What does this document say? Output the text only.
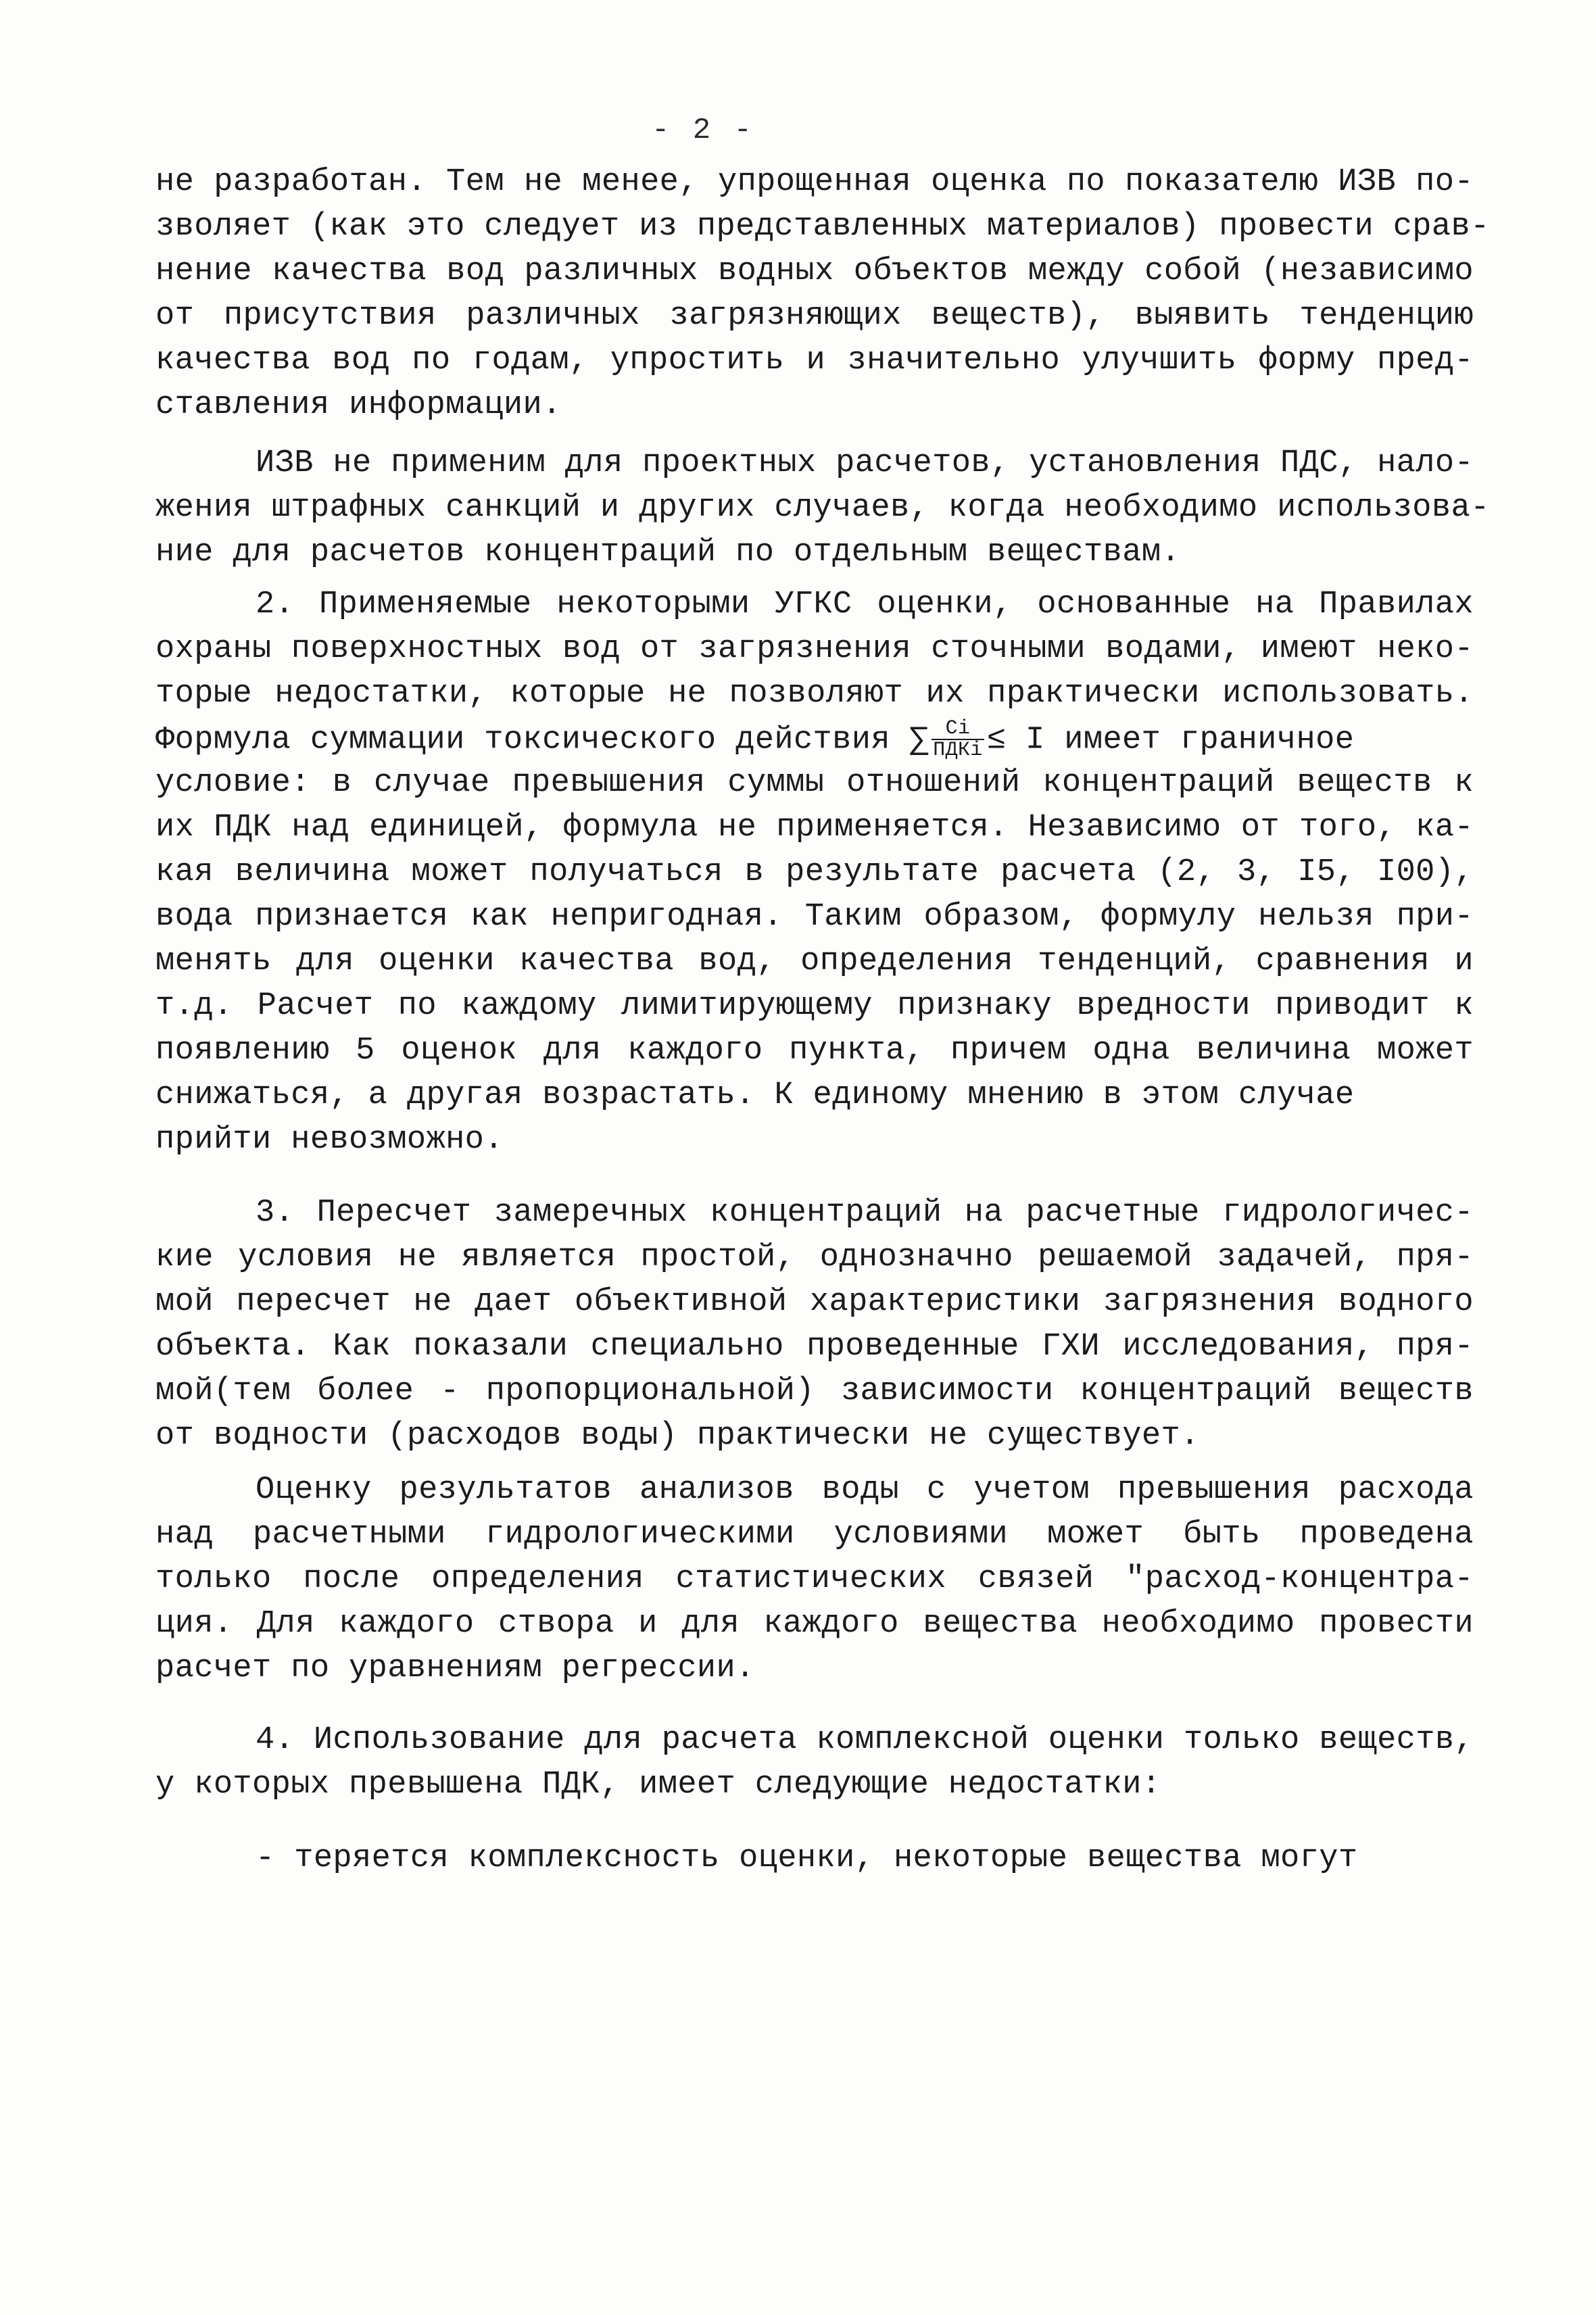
- 2 -
не разработан. Тем не менее, упрощенная оценка по показателю ИЗВ по-
зволяет (как это следует из представленных материалов) провести срав-
нение качества вод различных водных объектов между собой (независимо
от присутствия различных загрязняющих веществ), выявить тенденцию
качества вод по годам, упростить и значительно улучшить форму пред-
ставления информации.
ИЗВ не применим для проектных расчетов, установления ПДС, нало-
жения штрафных санкций и других случаев, когда необходимо использова-
ние для расчетов концентраций по отдельным веществам.
2. Применяемые некоторыми УГКС оценки, основанные на Правилах
охраны поверхностных вод от загрязнения сточными водами, имеют неко-
торые недостатки, которые не позволяют их практически использовать.
Формула суммации токсического действия ∑ $\frac{Ci}{\text{ПДКi}} \le I$ имеет граничное
условие: в случае превышения суммы отношений концентраций веществ к
их ПДК над единицей, формула не применяется. Независимо от того, ка-
кая величина может получаться в результате расчета (2, 3, I5, I00),
вода признается как непригодная. Таким образом, формулу нельзя при-
менять для оценки качества вод, определения тенденций, сравнения и
т.д. Расчет по каждому лимитирующему признаку вредности приводит к
появлению 5 оценок для каждого пункта, причем одна величина может
снижаться, а другая возрастать. К единому мнению в этом случае
прийти невозможно.
3. Пересчет замеречных концентраций на расчетные гидрологичес-
кие условия не является простой, однозначно решаемой задачей, пря-
мой пересчет не дает объективной характеристики загрязнения водного
объекта. Как показали специально проведенные ГХИ исследования, пря-
мой(тем более - пропорциональной) зависимости концентраций веществ
от водности (расходов воды) практически не существует.
Оценку результатов анализов воды с учетом превышения расхода
над расчетными гидрологическими условиями может быть проведена
только после определения статистических связей "расход-концентра-
ция. Для каждого створа и для каждого вещества необходимо провести
расчет по уравнениям регрессии.
4. Использование для расчета комплексной оценки только веществ,
у которых превышена ПДК, имеет следующие недостатки:
- теряется комплексность оценки, некоторые вещества могут
